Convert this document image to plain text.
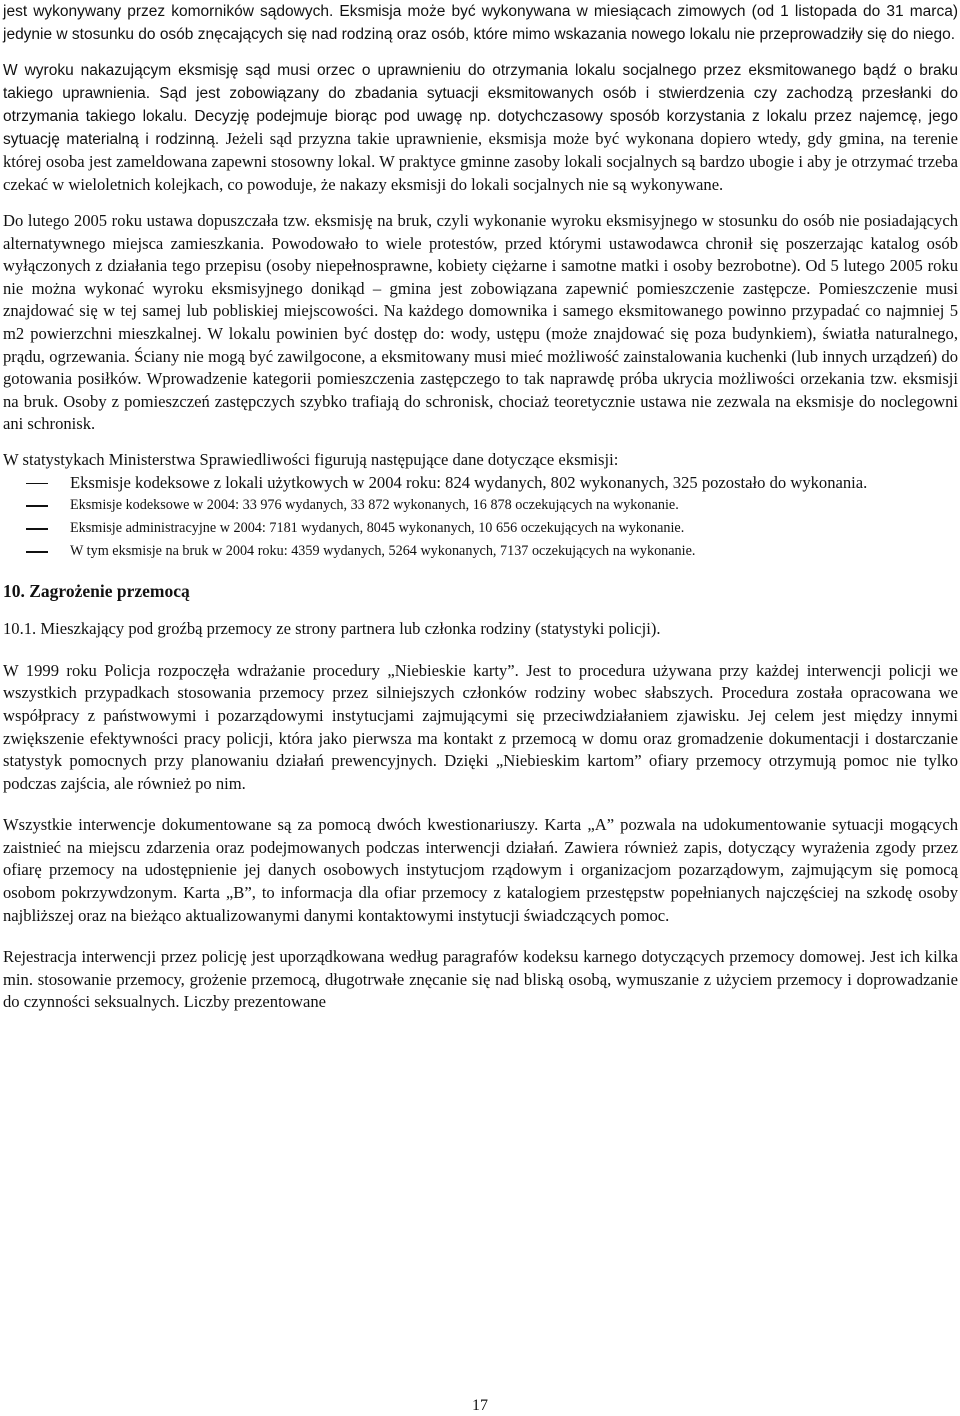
jest wykonywany przez komorników sądowych. Eksmisja może być wykonywana w miesiącach zimowych (od 1 listopada do 31 marca) jedynie w stosunku do osób znęcających się nad rodziną oraz osób, które mimo wskazania nowego lokalu nie przeprowadziły się do niego.

W wyroku nakazującym eksmisję sąd musi orzec o uprawnieniu do otrzymania lokalu socjalnego przez eksmitowanego bądź o braku takiego uprawnienia. Sąd jest zobowiązany do zbadania sytuacji eksmitowanych osób i stwierdzenia czy zachodzą przesłanki do otrzymania takiego lokalu. Decyzję podejmuje biorąc pod uwagę np. dotychczasowy sposób korzystania z lokalu przez najemcę, jego sytuację materialną i rodzinną. Jeżeli sąd przyzna takie uprawnienie, eksmisja może być wykonana dopiero wtedy, gdy gmina, na terenie której osoba jest zameldowana zapewni stosowny lokal. W praktyce gminne zasoby lokali socjalnych są bardzo ubogie i aby je otrzymać trzeba czekać w wieloletnich kolejkach, co powoduje, że nakazy eksmisji do lokali socjalnych nie są wykonywane.

Do lutego 2005 roku ustawa dopuszczała tzw. eksmisję na bruk, czyli wykonanie wyroku eksmisyjnego w stosunku do osób nie posiadających alternatywnego miejsca zamieszkania. Powodowało to wiele protestów, przed którymi ustawodawca chronił się poszerzając katalog osób wyłączonych z działania tego przepisu (osoby niepełnosprawne, kobiety ciężarne i samotne matki i osoby bezrobotne). Od 5 lutego 2005 roku nie można wykonać wyroku eksmisyjnego donikąd – gmina jest zobowiązana zapewnić pomieszczenie zastępcze. Pomieszczenie musi znajdować się w tej samej lub pobliskiej miejscowości. Na każdego domownika i samego eksmitowanego powinno przypadać co najmniej 5 m2 powierzchni mieszkalnej. W lokalu powinien być dostęp do: wody, ustępu (może znajdować się poza budynkiem), światła naturalnego, prądu, ogrzewania. Ściany nie mogą być zawilgocone, a eksmitowany musi mieć możliwość zainstalowania kuchenki (lub innych urządzeń) do gotowania posiłków. Wprowadzenie kategorii pomieszczenia zastępczego to tak naprawdę próba ukrycia możliwości orzekania tzw. eksmisji na bruk. Osoby z pomieszczeń zastępczych szybko trafiają do schronisk, chociaż teoretycznie ustawa nie zezwala na eksmisje do noclegowni ani schronisk.

W statystykach Ministerstwa Sprawiedliwości figurują następujące dane dotyczące eksmisji:

Eksmisje kodeksowe z lokali użytkowych w 2004 roku: 824 wydanych, 802 wykonanych, 325 pozostało do wykonania.
Eksmisje kodeksowe w 2004: 33 976 wydanych, 33 872 wykonanych, 16 878 oczekujących na wykonanie.
Eksmisje administracyjne w 2004: 7181 wydanych, 8045 wykonanych, 10 656 oczekujących na wykonanie.
W tym eksmisje na bruk w 2004 roku: 4359 wydanych, 5264 wykonanych, 7137 oczekujących na wykonanie.
10. Zagrożenie przemocą

10.1. Mieszkający pod groźbą przemocy ze strony partnera lub członka rodziny (statystyki policji).

W 1999 roku Policja rozpoczęła wdrażanie procedury „Niebieskie karty”. Jest to procedura używana przy każdej interwencji policji we wszystkich przypadkach stosowania przemocy przez silniejszych członków rodziny wobec słabszych. Procedura została opracowana we współpracy z państwowymi i pozarządowymi instytucjami zajmującymi się przeciwdziałaniem zjawisku. Jej celem jest między innymi zwiększenie efektywności pracy policji, która jako pierwsza ma kontakt z przemocą w domu oraz gromadzenie dokumentacji i dostarczanie statystyk pomocnych przy planowaniu działań prewencyjnych. Dzięki „Niebieskim kartom” ofiary przemocy otrzymują pomoc nie tylko podczas zajścia, ale również po nim.

Wszystkie interwencje dokumentowane są za pomocą dwóch kwestionariuszy. Karta „A” pozwala na udokumentowanie sytuacji mogących zaistnieć na miejscu zdarzenia oraz podejmowanych podczas interwencji działań. Zawiera również zapis, dotyczący wyrażenia zgody przez ofiarę przemocy na udostępnienie jej danych osobowych instytucjom rządowym i organizacjom pozarządowym, zajmującym się pomocą osobom pokrzywdzonym. Karta „B”, to informacja dla ofiar przemocy z katalogiem przestępstw popełnianych najczęściej na szkodę osoby najbliższej oraz na bieżąco aktualizowanymi danymi kontaktowymi instytucji świadczących pomoc.

Rejestracja interwencji przez policję jest uporządkowana według paragrafów kodeksu karnego dotyczących przemocy domowej. Jest ich kilka min. stosowanie przemocy, grożenie przemocą, długotrwałe znęcanie się nad bliską osobą, wymuszanie z użyciem przemocy i doprowadzanie do czynności seksualnych. Liczby prezentowane

17
